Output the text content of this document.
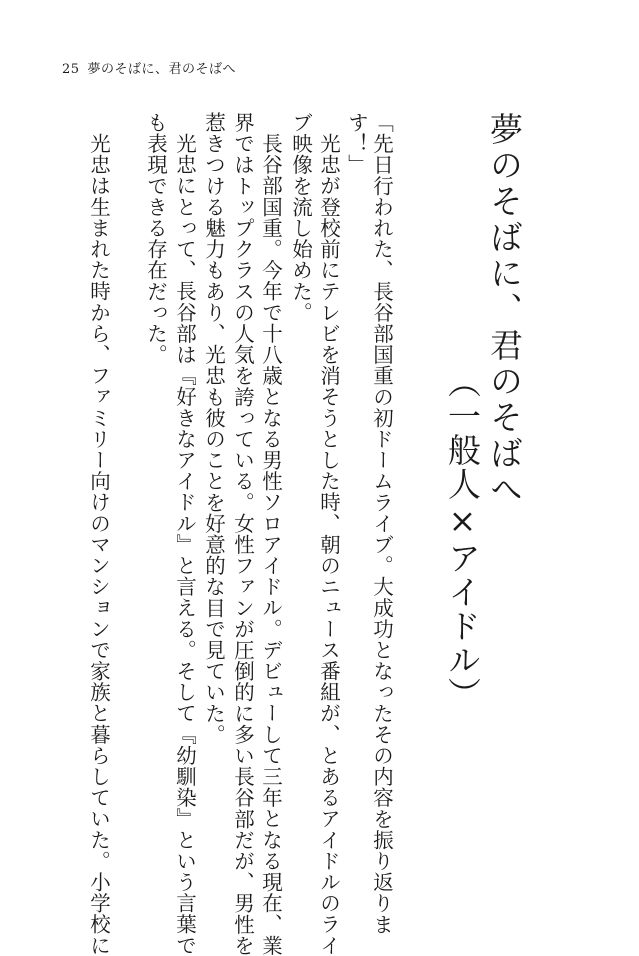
25 夢のそばに、君のそばへ
夢のそばに、君のそばへ
（一般人×アイドル）
「先日行われた、長谷部国重の初ドームライブ。大成功となったその内容を振り返りま
す！」
光忠が登校前にテレビを消そうとした時、朝のニュース番組が、とあるアイドルのライ
ブ映像を流し始めた。
長谷部国重。今年で十八歳となる男性ソロアイドル。デビューして三年となる現在、業
界ではトップクラスの人気を誇っている。女性ファンが圧倒的に多い長谷部だが、男性を
惹きつける魅力もあり、光忠も彼のことを好意的な目で見ていた。
光忠にとって、長谷部は『好きなアイドル』と言える。そして『幼馴染』という言葉で
も表現できる存在だった。
光忠は生まれた時から、ファミリー向けのマンションで家族と暮らしていた。小学校に
